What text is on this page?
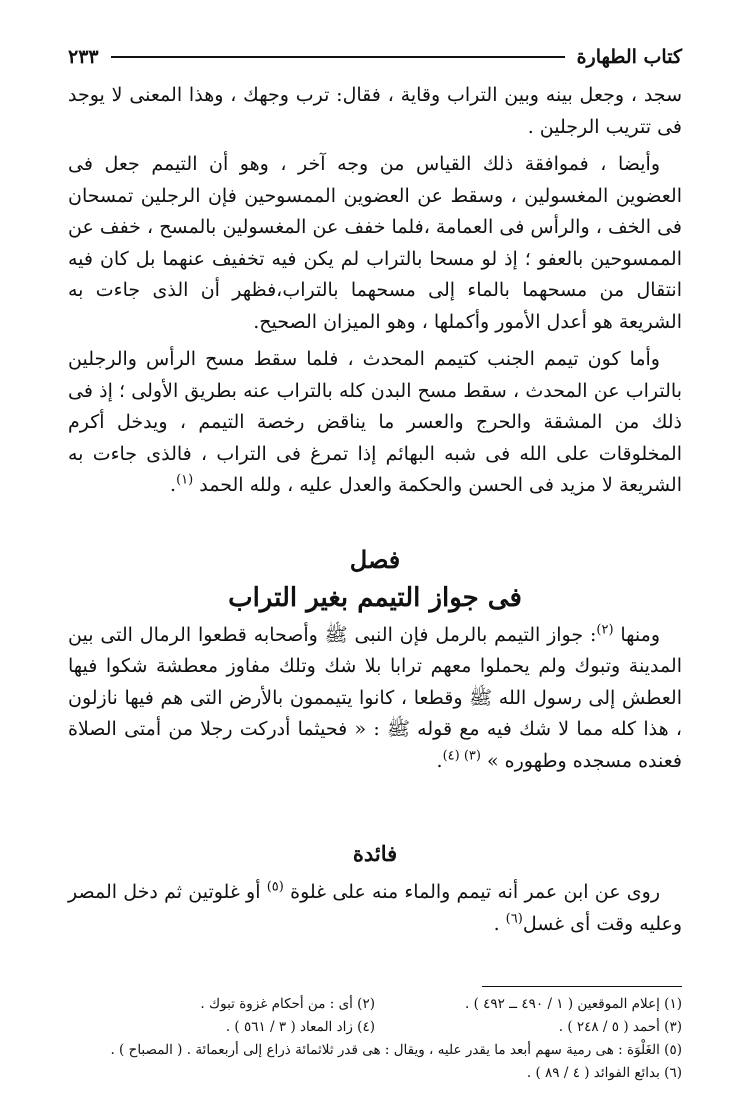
كتاب الطهارة
٢٣٣

سجد ، وجعل بينه وبين التراب وقاية ، فقال: ترب وجهك ، وهذا المعنى لا يوجد فى تتريب الرجلين .

وأيضا ، فموافقة ذلك القياس من وجه آخر ، وهو أن التيمم جعل فى العضوين المغسولين ، وسقط عن العضوين الممسوحين فإن الرجلين تمسحان فى الخف ، والرأس فى العمامة ،فلما خفف عن المغسولين بالمسح ، خفف عن الممسوحين بالعفو ؛ إذ لو مسحا بالتراب لم يكن فيه تخفيف عنهما بل كان فيه انتقال من مسحهما بالماء إلى مسحهما بالتراب،فظهر أن الذى جاءت به الشريعة هو أعدل الأمور وأكملها ، وهو الميزان الصحيح.

وأما كون تيمم الجنب كتيمم المحدث ، فلما سقط مسح الرأس والرجلين بالتراب عن المحدث ، سقط مسح البدن كله بالتراب عنه بطريق الأولى ؛ إذ فى ذلك من المشقة والحرج والعسر ما يناقض رخصة التيمم ، ويدخل أكرم المخلوقات على الله فى شبه البهائم إذا تمرغ فى التراب ، فالذى جاءت به الشريعة لا مزيد فى الحسن والحكمة والعدل عليه ، ولله الحمد $^{(١)}$.

فصل

فى جواز التيمم بغير التراب

ومنها $^{(٢)}$: جواز التيمم بالرمل فإن النبى ﷺ وأصحابه قطعوا الرمال التى بين المدينة وتبوك ولم يحملوا معهم ترابا بلا شك وتلك مفاوز معطشة شكوا فيها العطش إلى رسول الله ﷺ وقطعا ، كانوا يتيممون بالأرض التى هم فيها نازلون ، هذا كله مما لا شك فيه مع قوله ﷺ : « فحيثما أدركت رجلا من أمتى الصلاة فعنده مسجده وطهوره » $^{(٣) (٤)}$.

فائدة

روى عن ابن عمر أنه تيمم والماء منه على غلوة $^{(٥)}$ أو غلوتين ثم دخل المصر وعليه وقت أى غسل$^{(٦)}$ .

(١) إعلام الموقعين ( ١ / ٤٩٠ ــ ٤٩٢ ) .
(٢) أى : من أحكام غزوة تبوك .
(٣) أحمد ( ٥ / ٢٤٨ ) .
(٤) زاد المعاد ( ٣ / ٥٦١ ) .
(٥) الغَلْوَة : هى رمية سهم أبعد ما يقدر عليه ، ويقال : هى قدر ثلاثمائة ذراع إلى أربعمائة . ( المصباح ) .
(٦) بدائع الفوائد ( ٤ / ٨٩ ) .
